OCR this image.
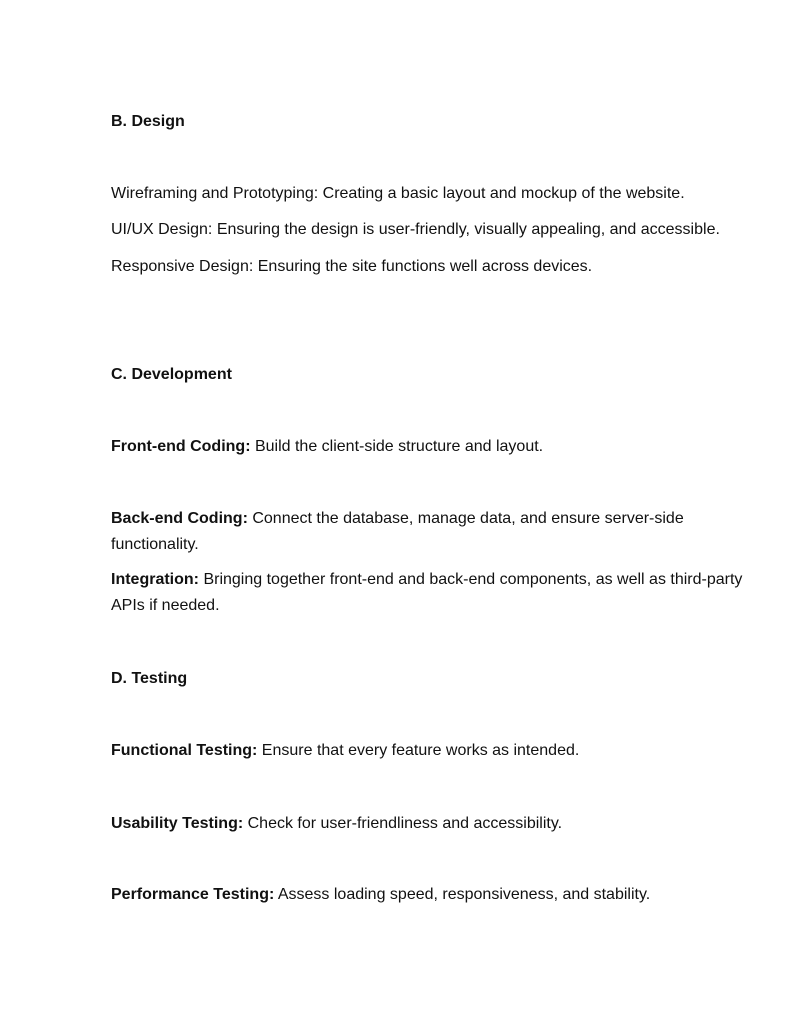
B. Design

Wireframing and Prototyping: Creating a basic layout and mockup of the website.

UI/UX Design: Ensuring the design is user-friendly, visually appealing, and accessible.

Responsive Design: Ensuring the site functions well across devices.

C. Development

Front-end Coding: Build the client-side structure and layout.

Back-end Coding: Connect the database, manage data, and ensure server-side functionality.

Integration: Bringing together front-end and back-end components, as well as third-party APIs if needed.

D. Testing

Functional Testing: Ensure that every feature works as intended.

Usability Testing: Check for user-friendliness and accessibility.

Performance Testing: Assess loading speed, responsiveness, and stability.
